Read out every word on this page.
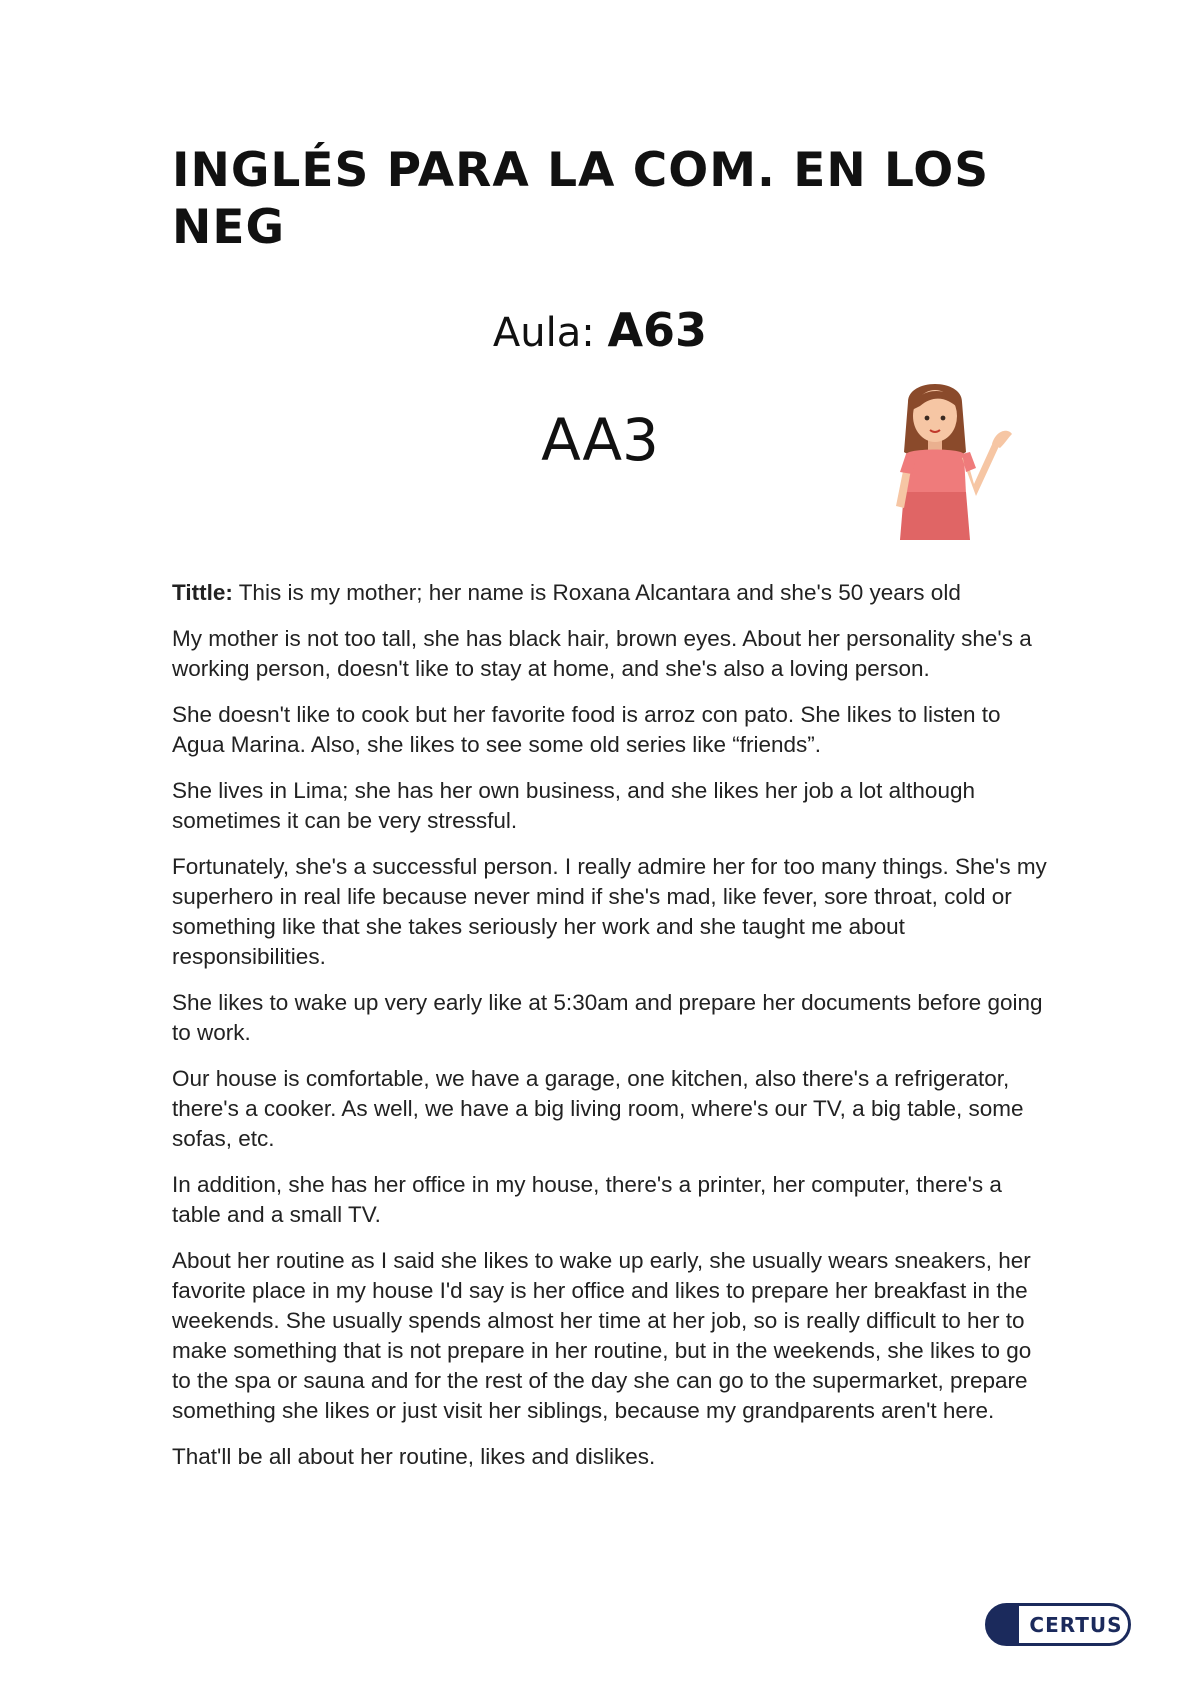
INGLÉS PARA LA COM. EN LOS NEG
Aula: A63
AA3

Tittle: This is my mother; her name is Roxana Alcantara and she's 50 years old

My mother is not too tall, she has black hair, brown eyes. About her personality she's a working person, doesn't like to stay at home, and she's also a loving person.

She doesn't like to cook but her favorite food is arroz con pato. She likes to listen to Agua Marina. Also, she likes to see some old series like “friends”.

She lives in Lima; she has her own business, and she likes her job a lot although sometimes it can be very stressful.

Fortunately, she's a successful person. I really admire her for too many things. She's my superhero in real life because never mind if she's mad, like fever, sore throat, cold or something like that she takes seriously her work and she taught me about responsibilities.

She likes to wake up very early like at 5:30am and prepare her documents before going to work.

Our house is comfortable, we have a garage, one kitchen, also there's a refrigerator, there's a cooker. As well, we have a big living room, where's our TV, a big table, some sofas, etc.

In addition, she has her office in my house, there's a printer, her computer, there's a table and a small TV.

About her routine as I said she likes to wake up early, she usually wears sneakers, her favorite place in my house I'd say is her office and likes to prepare her breakfast in the weekends. She usually spends almost her time at her job, so is really difficult to her to make something that is not prepare in her routine, but in the weekends, she likes to go to the spa or sauna and for the rest of the day she can go to the supermarket, prepare something she likes or just visit her siblings, because my grandparents aren't here.

That'll be all about her routine, likes and dislikes.

CERTUS
